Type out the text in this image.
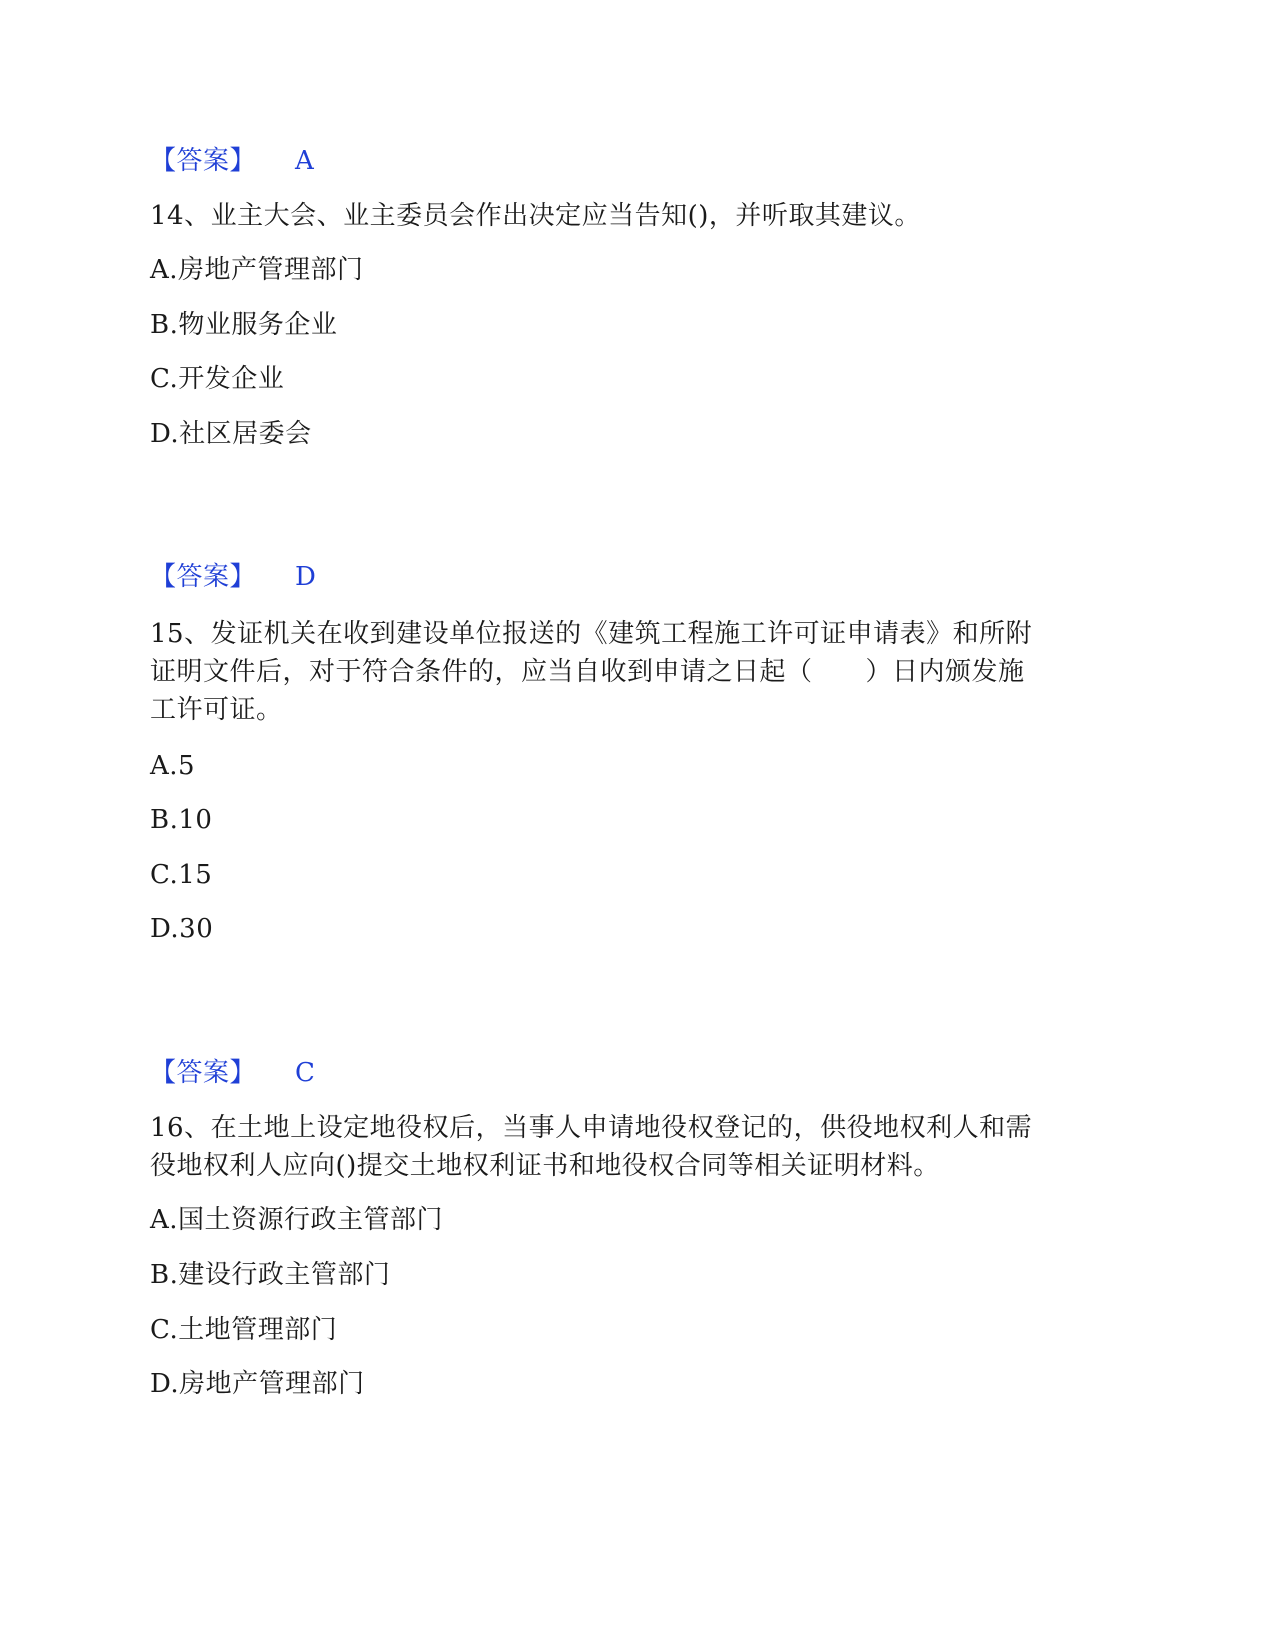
【答案】 A
14、业主大会、业主委员会作出决定应当告知()，并听取其建议。
A.房地产管理部门
B.物业服务企业
C.开发企业
D.社区居委会
【答案】 D
15、发证机关在收到建设单位报送的《建筑工程施工许可证申请表》和所附
证明文件后，对于符合条件的，应当自收到申请之日起（　　）日内颁发施
工许可证。
A.5
B.10
C.15
D.30
【答案】 C
16、在土地上设定地役权后，当事人申请地役权登记的，供役地权利人和需
役地权利人应向()提交土地权利证书和地役权合同等相关证明材料。
A.国土资源行政主管部门
B.建设行政主管部门
C.土地管理部门
D.房地产管理部门
